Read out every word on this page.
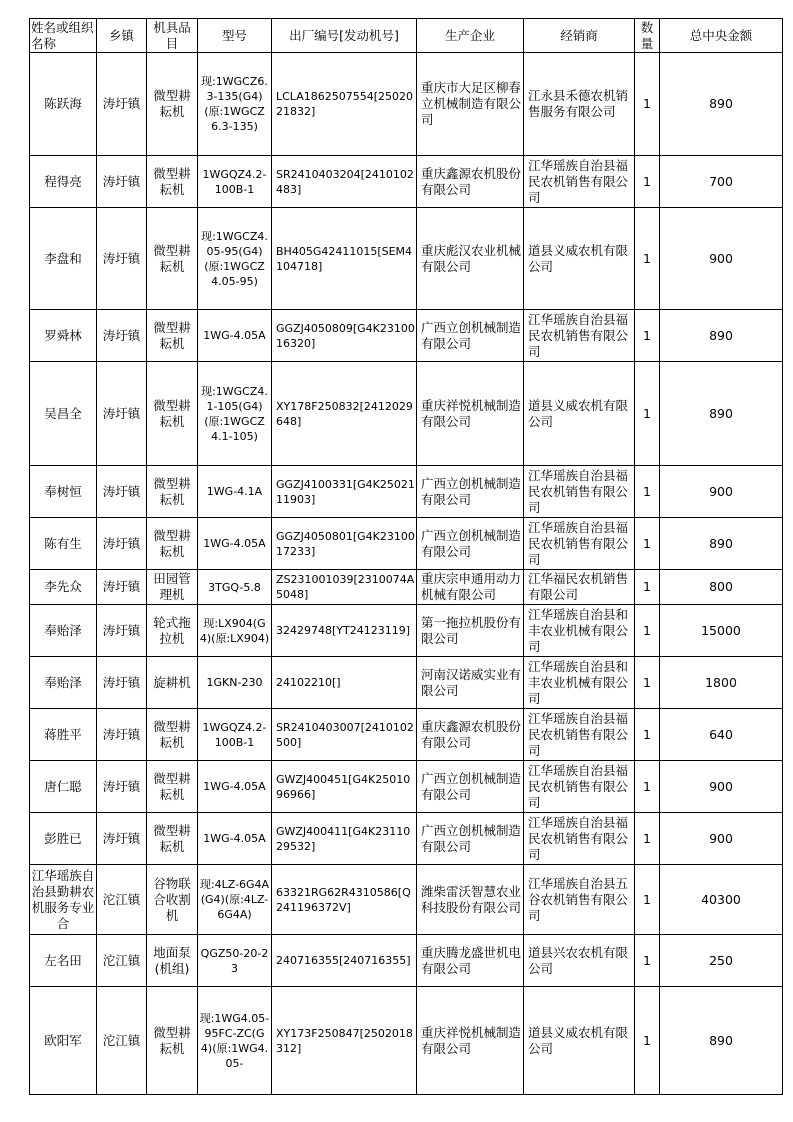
姓名或组织名称	乡镇	机具品目	型号	出厂编号[发动机号]	生产企业	经销商	数量	总中央金额
陈跃海	涛圩镇	微型耕耘机	现:1WGCZ6.3-135(G4)(原:1WGCZ6.3-135)	LCLA1862507554[2502021832]	重庆市大足区柳春立机械制造有限公司	江永县禾德农机销售服务有限公司	1	890
程得亮	涛圩镇	微型耕耘机	1WGQZ4.2-100B-1	SR2410403204[2410102483]	重庆鑫源农机股份有限公司	江华瑶族自治县福民农机销售有限公司	1	700
李盘和	涛圩镇	微型耕耘机	现:1WGCZ4.05-95(G4)(原:1WGCZ4.05-95)	BH405G42411015[SEM4104718]	重庆彪汉农业机械有限公司	道县义威农机有限公司	1	900
罗舜林	涛圩镇	微型耕耘机	1WG-4.05A	GGZJ4050809[G4K2310016320]	广西立创机械制造有限公司	江华瑶族自治县福民农机销售有限公司	1	890
吴昌全	涛圩镇	微型耕耘机	现:1WGCZ4.1-105(G4)(原:1WGCZ4.1-105)	XY178F250832[2412029648]	重庆祥悦机械制造有限公司	道县义威农机有限公司	1	890
奉树恒	涛圩镇	微型耕耘机	1WG-4.1A	GGZJ4100331[G4K2502111903]	广西立创机械制造有限公司	江华瑶族自治县福民农机销售有限公司	1	900
陈有生	涛圩镇	微型耕耘机	1WG-4.05A	GGZJ4050801[G4K2310017233]	广西立创机械制造有限公司	江华瑶族自治县福民农机销售有限公司	1	890
李先众	涛圩镇	田园管理机	3TGQ-5.8	ZS231001039[2310074A5048]	重庆宗申通用动力机械有限公司	江华福民农机销售有限公司	1	800
奉贻泽	涛圩镇	轮式拖拉机	现:LX904(G4)(原:LX904)	32429748[YT24123119]	第一拖拉机股份有限公司	江华瑶族自治县和丰农业机械有限公司	1	15000
奉贻泽	涛圩镇	旋耕机	1GKN-230	24102210[]	河南汉诺威实业有限公司	江华瑶族自治县和丰农业机械有限公司	1	1800
蒋胜平	涛圩镇	微型耕耘机	1WGQZ4.2-100B-1	SR2410403007[2410102500]	重庆鑫源农机股份有限公司	江华瑶族自治县福民农机销售有限公司	1	640
唐仁聪	涛圩镇	微型耕耘机	1WG-4.05A	GWZJ400451[G4K2501096966]	广西立创机械制造有限公司	江华瑶族自治县福民农机销售有限公司	1	900
彭胜已	涛圩镇	微型耕耘机	1WG-4.05A	GWZJ400411[G4K2311029532]	广西立创机械制造有限公司	江华瑶族自治县福民农机销售有限公司	1	900
江华瑶族自治县勤耕农机服务专业合	沱江镇	谷物联合收割机	现:4LZ-6G4A(G4)(原:4LZ-6G4A)	63321RG62R4310586[Q241196372V]	潍柴雷沃智慧农业科技股份有限公司	江华瑶族自治县五谷农机销售有限公司	1	40300
左名田	沱江镇	地面泵(机组)	QGZ50-20-23	240716355[240716355]	重庆腾龙盛世机电有限公司	道县兴农农机有限公司	1	250
欧阳军	沱江镇	微型耕耘机	现:1WG4.05-95FC-ZC(G4)(原:1WG4.05-	XY173F250847[2502018312]	重庆祥悦机械制造有限公司	道县义威农机有限公司	1	890
